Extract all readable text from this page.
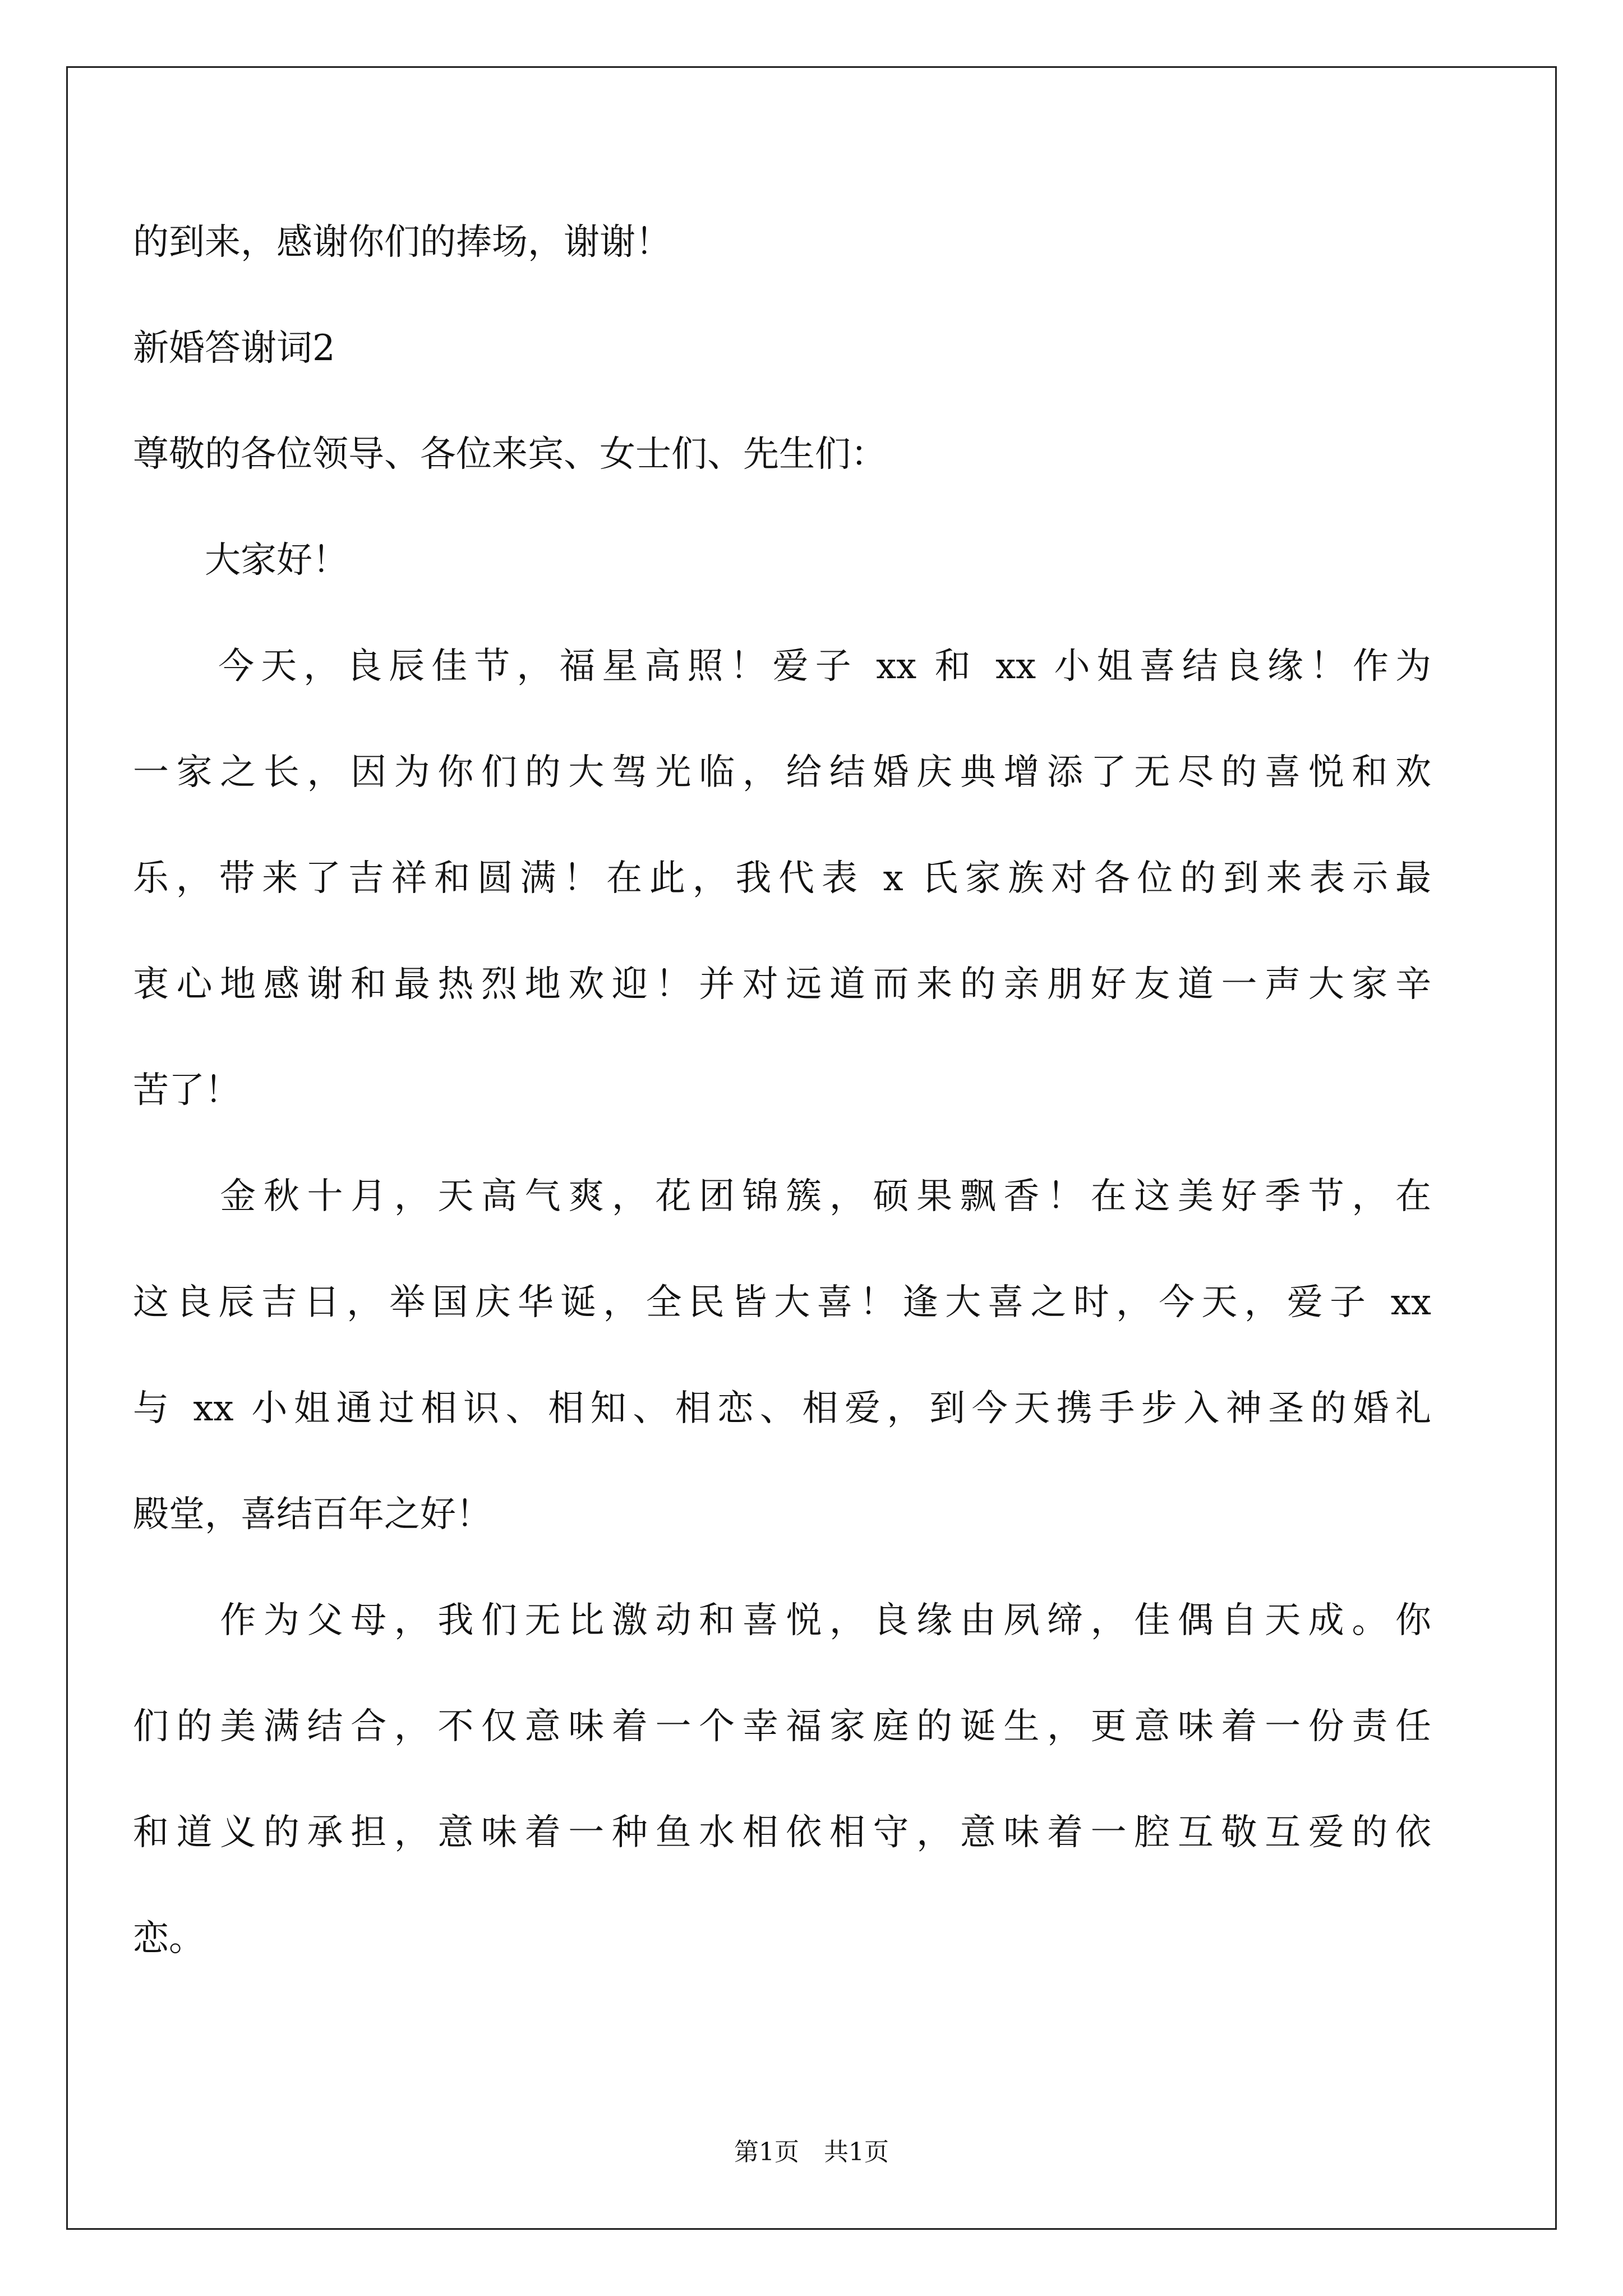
的到来，感谢你们的捧场，谢谢！
新婚答谢词2
尊敬的各位领导、各位来宾、女士们、先生们：
　　大家好！
　　今天，良辰佳节，福星高照！爱子 xx 和 xx 小姐喜结良缘！作为
一家之长，因为你们的大驾光临，给结婚庆典增添了无尽的喜悦和欢
乐，带来了吉祥和圆满！在此，我代表 x 氏家族对各位的到来表示最
衷心地感谢和最热烈地欢迎！并对远道而来的亲朋好友道一声大家辛
苦了！
　　金秋十月，天高气爽，花团锦簇，硕果飘香！在这美好季节，在
这良辰吉日，举国庆华诞，全民皆大喜！逢大喜之时，今天，爱子 xx
与 xx 小姐通过相识、相知、相恋、相爱，到今天携手步入神圣的婚礼
殿堂，喜结百年之好！
　　作为父母，我们无比激动和喜悦，良缘由夙缔，佳偶自天成。你
们的美满结合，不仅意味着一个幸福家庭的诞生，更意味着一份责任
和道义的承担，意味着一种鱼水相依相守，意味着一腔互敬互爱的依
恋。
第1页　共1页
